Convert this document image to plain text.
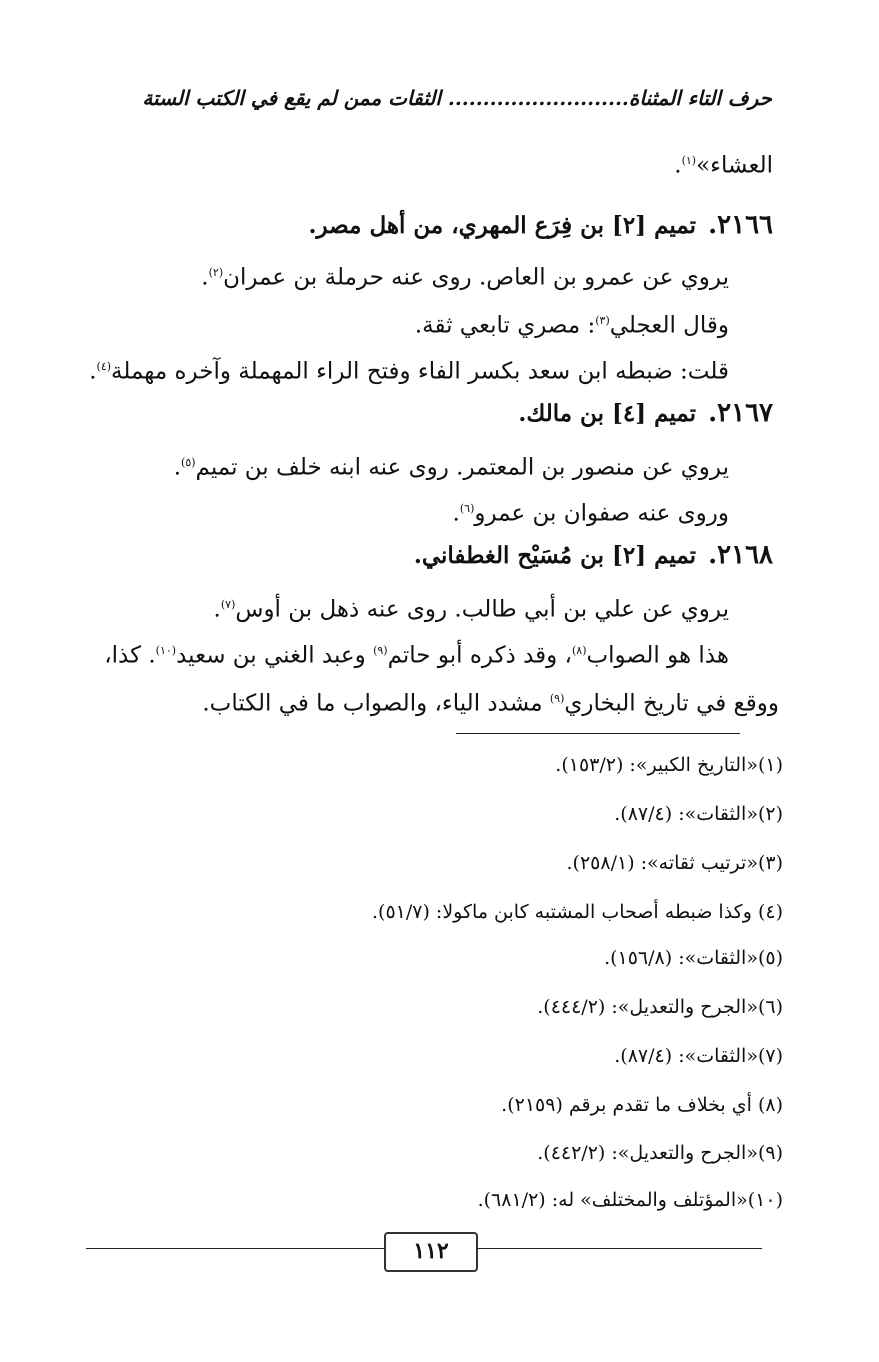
حرف التاء المثناة.......................... الثقات ممن لم يقع في الكتب الستة
العشاء»$^{(١)}$.
٢١٦٦.تميم [٢] بن فِرَع المهري، من أهل مصر.
يروي عن عمرو بن العاص. روى عنه حرملة بن عمران$^{(٢)}$.
وقال العجلي$^{(٣)}$: مصري تابعي ثقة.
قلت: ضبطه ابن سعد بكسر الفاء وفتح الراء المهملة وآخره مهملة$^{(٤)}$.
٢١٦٧.تميم [٤] بن مالك.
يروي عن منصور بن المعتمر. روى عنه ابنه خلف بن تميم$^{(٥)}$.
وروى عنه صفوان بن عمرو$^{(٦)}$.
٢١٦٨.تميم [٢] بن مُسَيْح الغطفاني.
يروي عن علي بن أبي طالب. روى عنه ذهل بن أوس$^{(٧)}$.
هذا هو الصواب$^{(٨)}$، وقد ذكره أبو حاتم$^{(٩)}$ وعبد الغني بن سعيد$^{(١٠)}$. كذا،
ووقع في تاريخ البخاري$^{(٩)}$ مشدد الياء، والصواب ما في الكتاب.
(١)«التاريخ الكبير»: (١٥٣/٢).
(٢)«الثقات»: (٨٧/٤).
(٣)«ترتيب ثقاته»: (٢٥٨/١).
(٤) وكذا ضبطه أصحاب المشتبه كابن ماكولا: (٥١/٧).
(٥)«الثقات»: (١٥٦/٨).
(٦)«الجرح والتعديل»: (٤٤٤/٢).
(٧)«الثقات»: (٨٧/٤).
(٨) أي بخلاف ما تقدم برقم (٢١٥٩).
(٩)«الجرح والتعديل»: (٤٤٢/٢).
(١٠)«المؤتلف والمختلف» له: (٦٨١/٢).
١١٢
